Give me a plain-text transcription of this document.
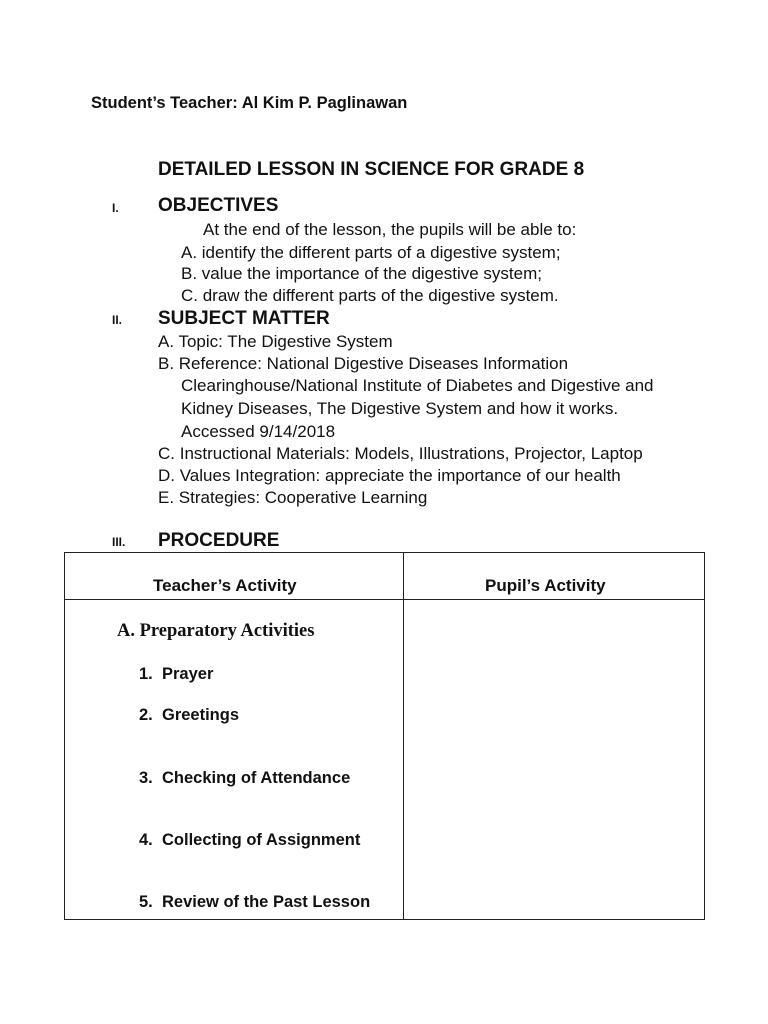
Student’s Teacher: Al Kim P. Paglinawan
DETAILED LESSON IN SCIENCE FOR GRADE 8
I. OBJECTIVES
At the end of the lesson, the pupils will be able to:
A. identify the different parts of a digestive system;
B. value the importance of the digestive system;
C. draw the different parts of the digestive system.
II. SUBJECT MATTER
A. Topic: The Digestive System
B. Reference: National Digestive Diseases Information
Clearinghouse/National Institute of Diabetes and Digestive and
Kidney Diseases, The Digestive System and how it works.
Accessed 9/14/2018
C. Instructional Materials: Models, Illustrations, Projector, Laptop
D. Values Integration: appreciate the importance of our health
E. Strategies: Cooperative Learning
III. PROCEDURE
Teacher’s Activity	Pupil’s Activity
A. Preparatory Activities
1. Prayer
2. Greetings
3. Checking of Attendance
4. Collecting of Assignment
5. Review of the Past Lesson
